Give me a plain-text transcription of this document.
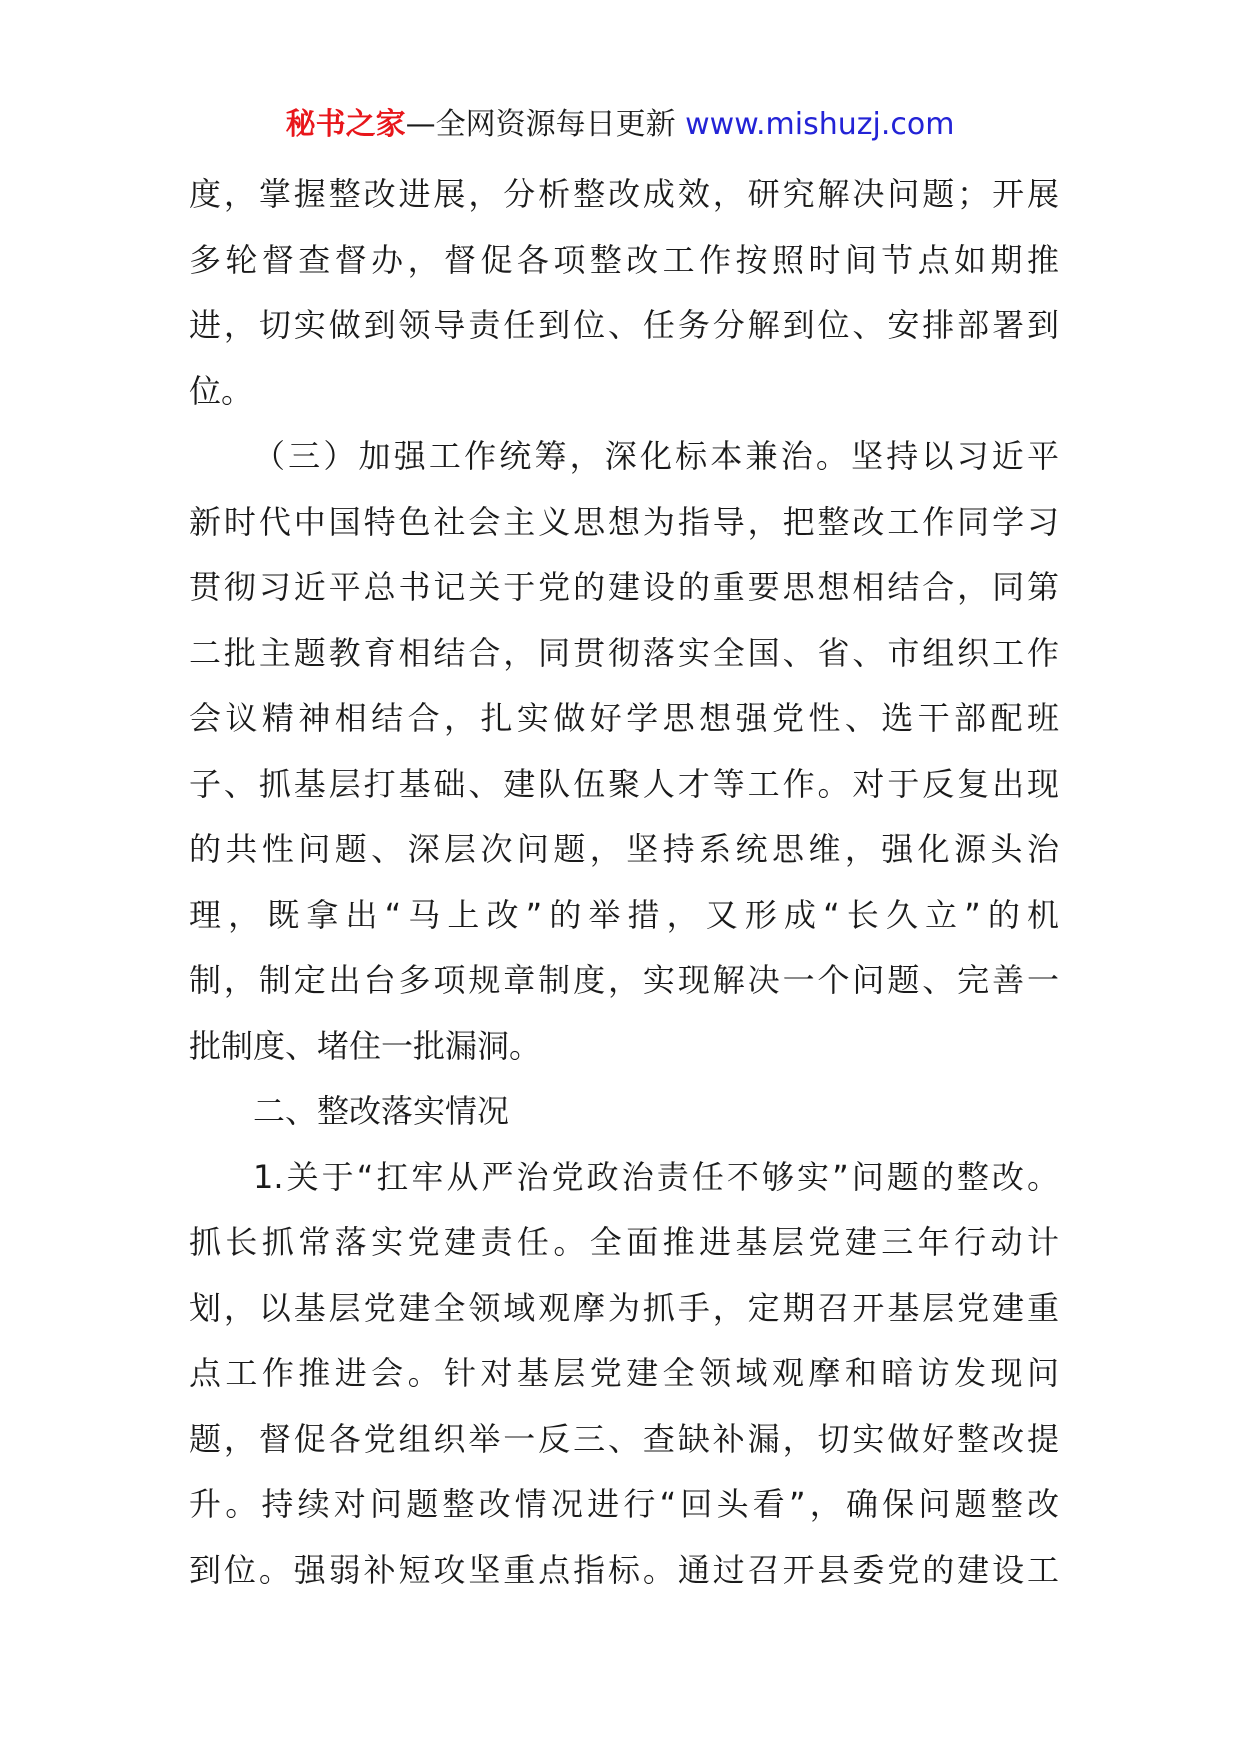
秘书之家—全网资源每日更新 www.mishuzj.com
度，掌握整改进展，分析整改成效，研究解决问题；开展
多轮督查督办，督促各项整改工作按照时间节点如期推
进，切实做到领导责任到位、任务分解到位、安排部署到
位。
（三）加强工作统筹，深化标本兼治。坚持以习近平
新时代中国特色社会主义思想为指导，把整改工作同学习
贯彻习近平总书记关于党的建设的重要思想相结合，同第
二批主题教育相结合，同贯彻落实全国、省、市组织工作
会议精神相结合，扎实做好学思想强党性、选干部配班
子、抓基层打基础、建队伍聚人才等工作。对于反复出现
的共性问题、深层次问题，坚持系统思维，强化源头治
理，既拿出“马上改”的举措，又形成“长久立”的机
制，制定出台多项规章制度，实现解决一个问题、完善一
批制度、堵住一批漏洞。
二、整改落实情况
1.关于“扛牢从严治党政治责任不够实”问题的整改。
抓长抓常落实党建责任。全面推进基层党建三年行动计
划，以基层党建全领域观摩为抓手，定期召开基层党建重
点工作推进会。针对基层党建全领域观摩和暗访发现问
题，督促各党组织举一反三、查缺补漏，切实做好整改提
升。持续对问题整改情况进行“回头看”，确保问题整改
到位。强弱补短攻坚重点指标。通过召开县委党的建设工
